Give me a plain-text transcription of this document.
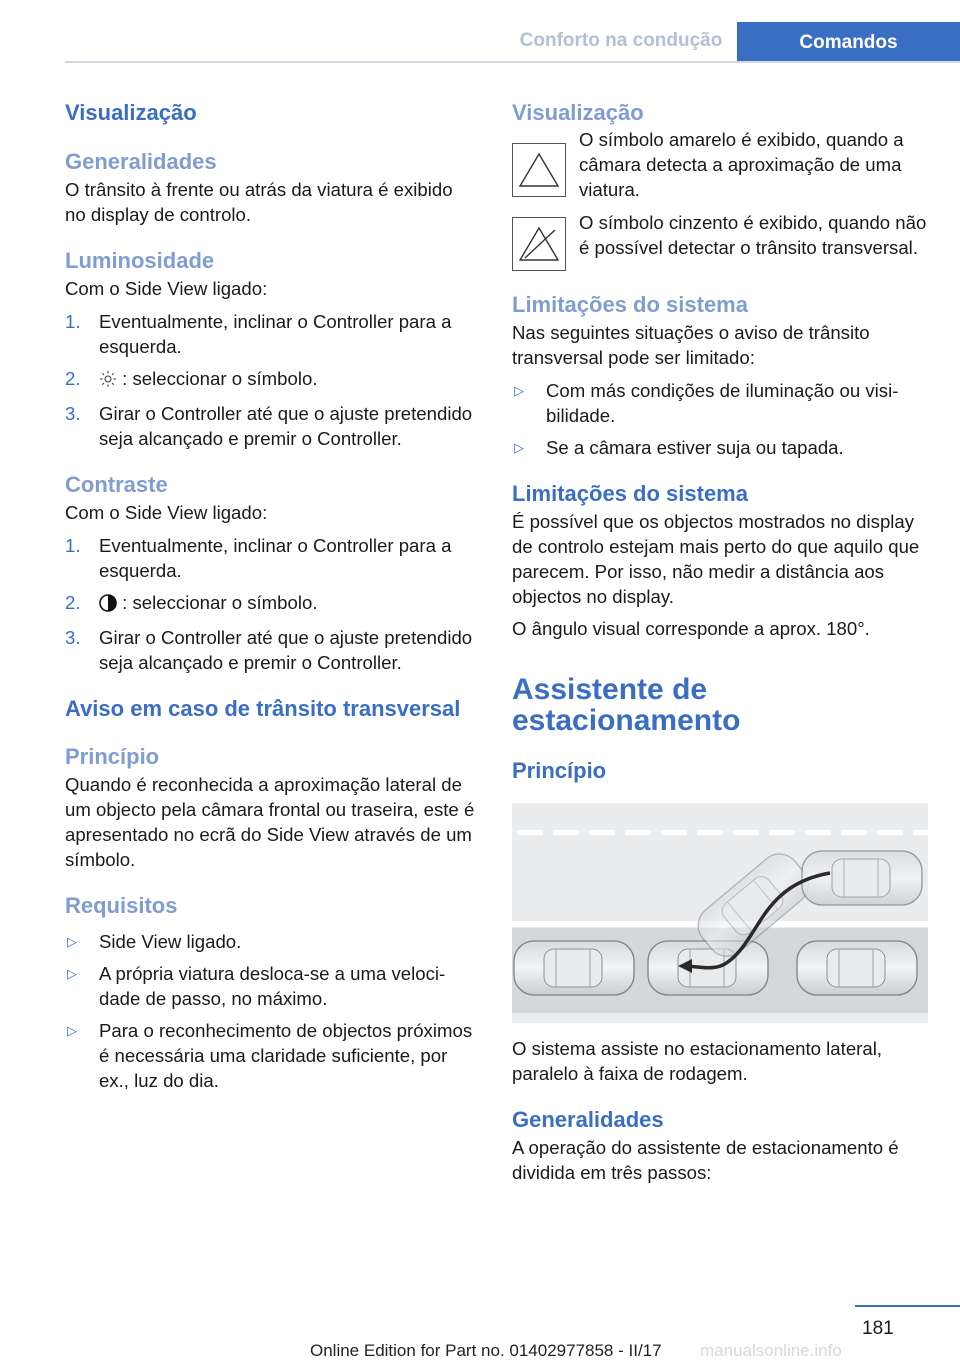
Conforto na condução	Comandos
Visualização
Generalidades

O trânsito à frente ou atrás da viatura é exibido no display de controlo.

Luminosidade

Com o Side View ligado:

1. Eventualmente, inclinar o Controller para a esquerda.
2. : seleccionar o símbolo.
3. Girar o Controller até que o ajuste pretendido seja alcançado e premir o Controller.
Contraste

Com o Side View ligado:

1. Eventualmente, inclinar o Controller para a esquerda.
2. : seleccionar o símbolo.
3. Girar o Controller até que o ajuste pretendido seja alcançado e premir o Controller.
Aviso em caso de trânsito transversal
Princípio

Quando é reconhecida a aproximação lateral de um objecto pela câmara frontal ou traseira, este é apresentado no ecrã do Side View através de um símbolo.

Requisitos
▷ Side View ligado.
▷ A própria viatura desloca-se a uma velocidade de passo, no máximo.
▷ Para o reconhecimento de objectos próximos é necessária uma claridade suficiente, por ex., luz do dia.
Visualização

O símbolo amarelo é exibido, quando a câmara detecta a aproximação de uma viatura.

O símbolo cinzento é exibido, quando não é possível detectar o trânsito transversal.

Limitações do sistema

Nas seguintes situações o aviso de trânsito transversal pode ser limitado:

▷ Com más condições de iluminação ou visibilidade.
▷ Se a câmara estiver suja ou tapada.
Limitações do sistema

É possível que os objectos mostrados no display de controlo estejam mais perto do que aquilo que parecem. Por isso, não medir a distância aos objectos no display.

O ângulo visual corresponde a aprox. 180°.

Assistente de estacionamento
Princípio

O sistema assiste no estacionamento lateral, paralelo à faixa de rodagem.

Generalidades

A operação do assistente de estacionamento é dividida em três passos:

181
Online Edition for Part no. 01402977858 - II/17 manualsonline.info
